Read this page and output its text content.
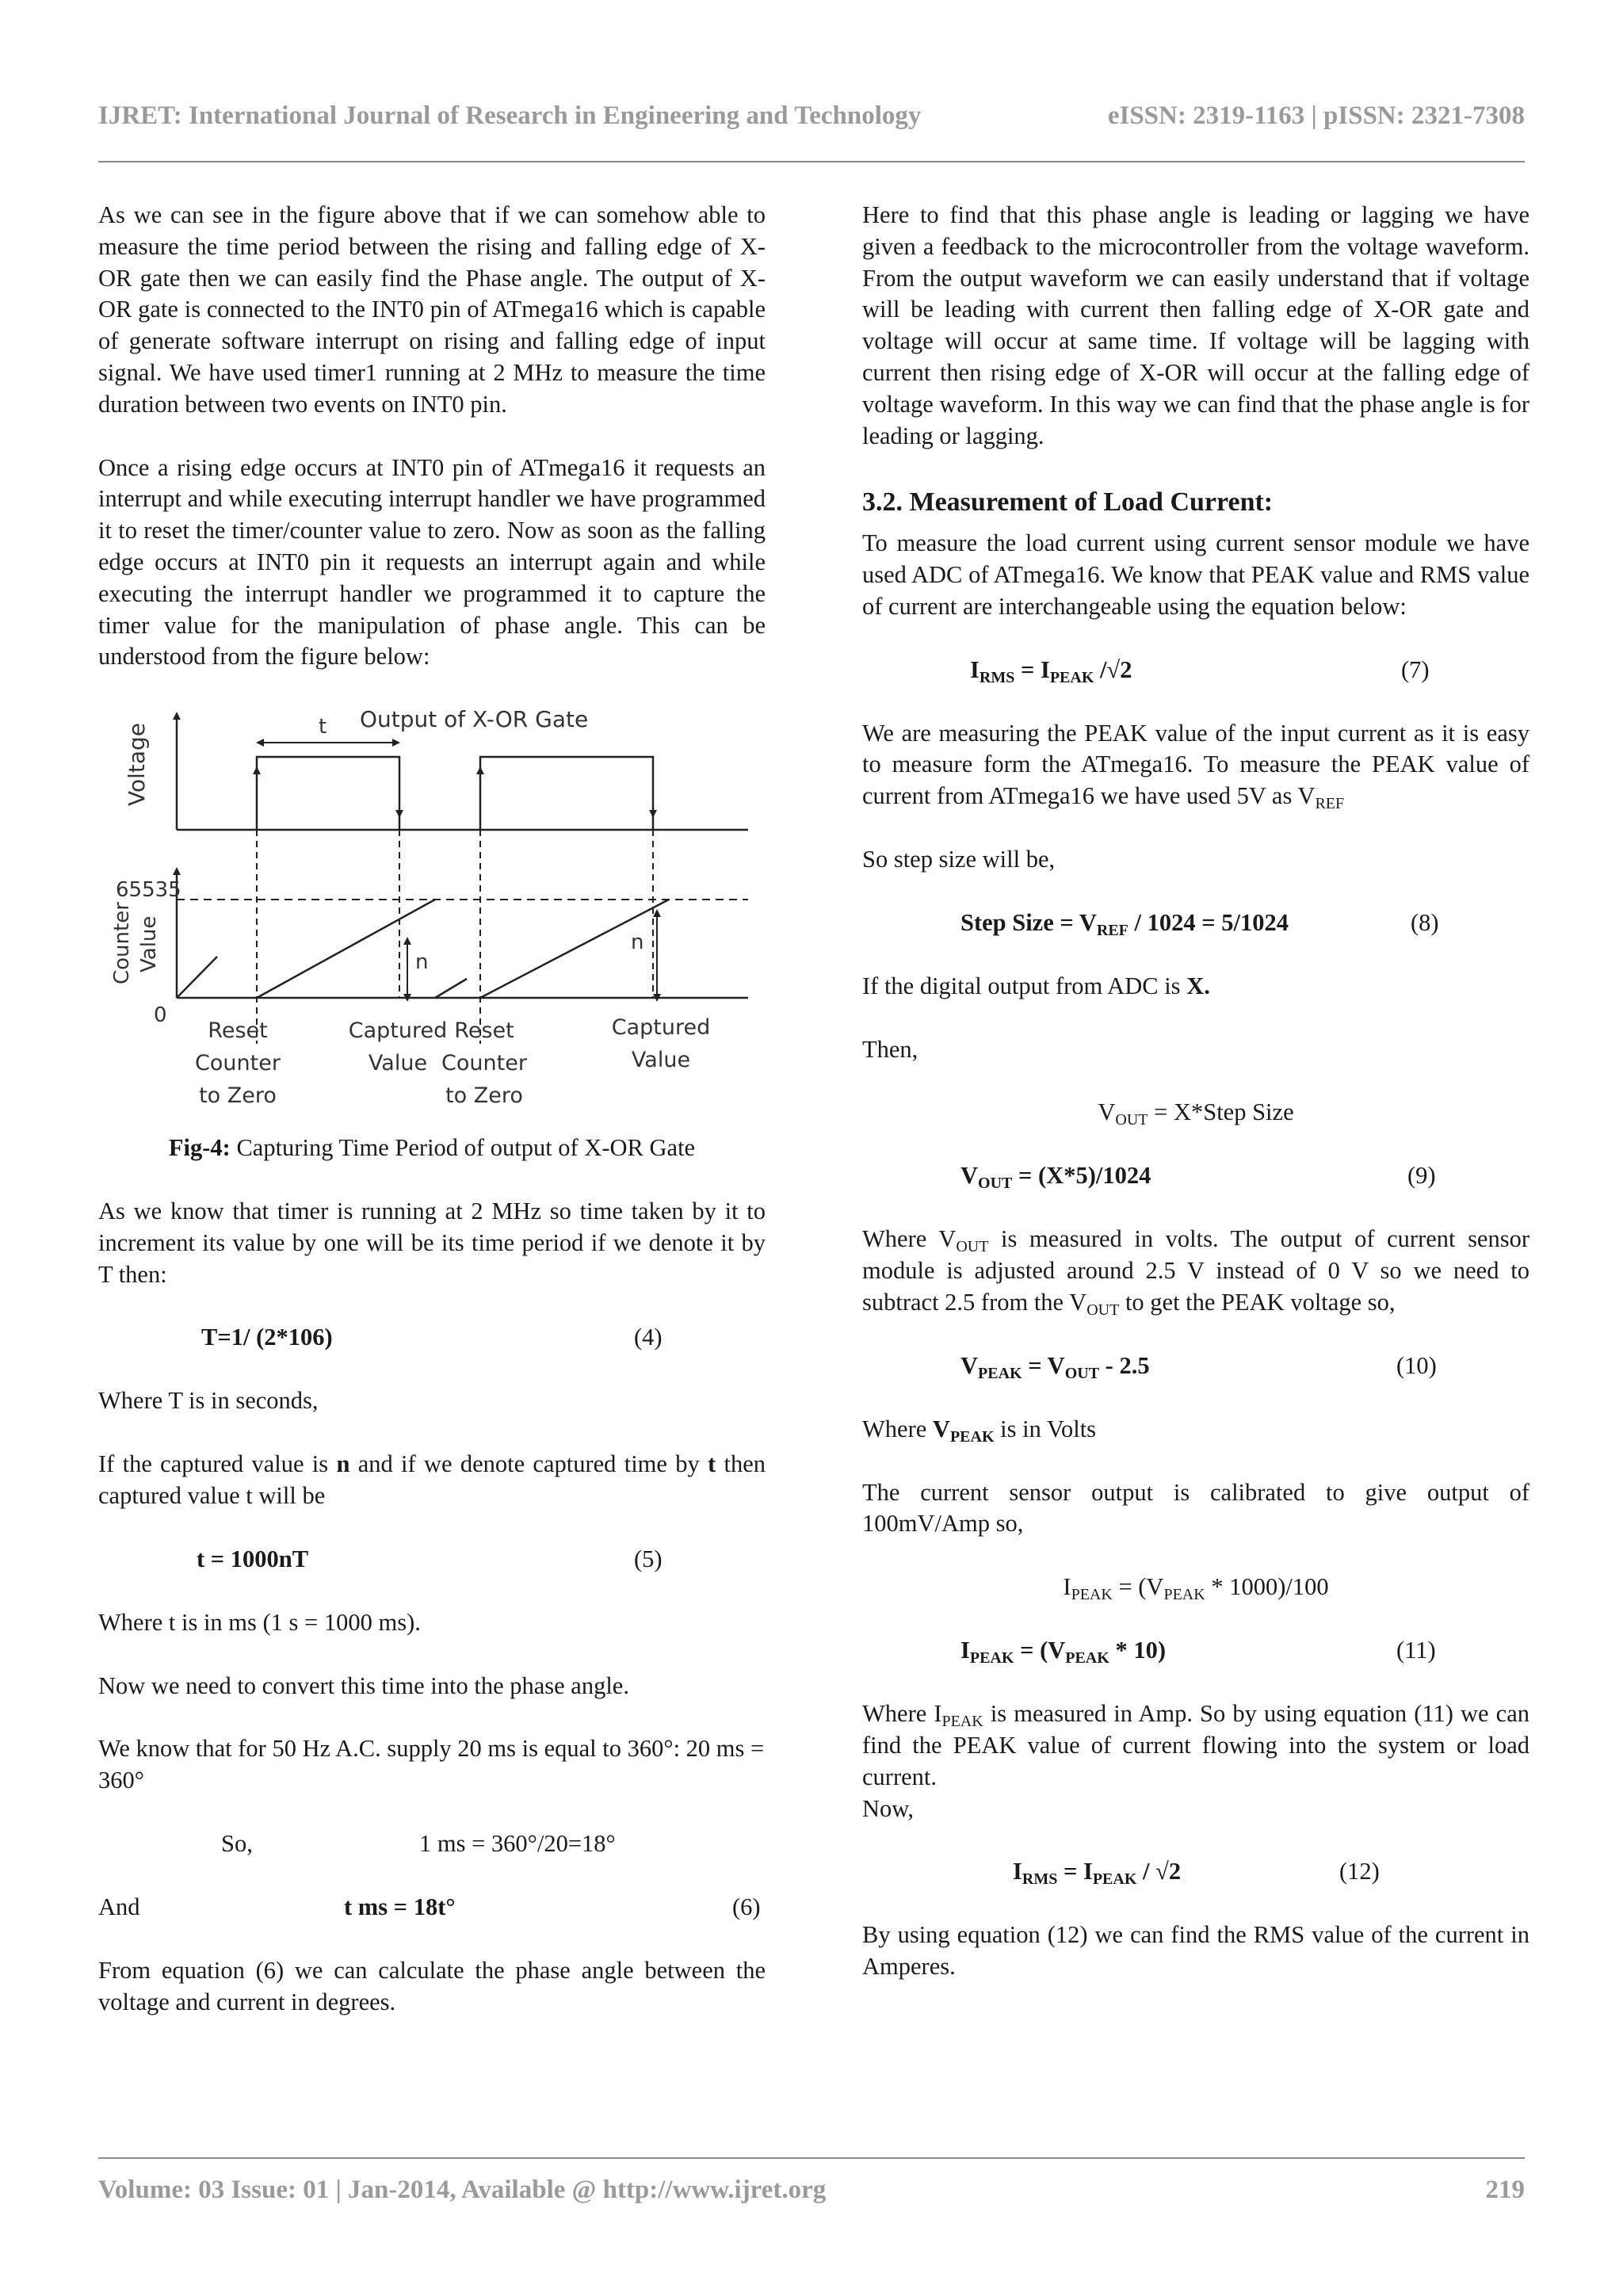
IJRET: International Journal of Research in Engineering and Technology	eISSN: 2319-1163 | pISSN: 2321-7308

As we can see in the figure above that if we can somehow able to measure the time period between the rising and falling edge of X-OR gate then we can easily find the Phase angle. The output of X-OR gate is connected to the INT0 pin of ATmega16 which is capable of generate software interrupt on rising and falling edge of input signal. We have used timer1 running at 2 MHz to measure the time duration between two events on INT0 pin.

Once a rising edge occurs at INT0 pin of ATmega16 it requests an interrupt and while executing interrupt handler we have programmed it to reset the timer/counter value to zero. Now as soon as the falling edge occurs at INT0 pin it requests an interrupt again and while executing the interrupt handler we programmed it to capture the timer value for the manipulation of phase angle. This can be understood from the figure below:

t Output of X-OR Gate
Voltage
65535
0
Counter Value	n
n
Reset
Counter
to Zero
Captured
Value
Reset
Counter
to Zero
Captured
Value

Fig-4: Capturing Time Period of output of X-OR Gate

As we know that timer is running at 2 MHz so time taken by it to increment its value by one will be its time period if we denote it by T then:

T=1/ (2*106)	(4)

Where T is in seconds,

If the captured value is n and if we denote captured time by t then captured value t will be

t = 1000nT	(5)

Where t is in ms (1 s = 1000 ms).

Now we need to convert this time into the phase angle.

We know that for 50 Hz A.C. supply 20 ms is equal to 360°: 20 ms = 360°

So,	1 ms = 360°/20=18°
And	t ms = 18t°	(6)

From equation (6) we can calculate the phase angle between the voltage and current in degrees.

Here to find that this phase angle is leading or lagging we have given a feedback to the microcontroller from the voltage waveform. From the output waveform we can easily understand that if voltage will be leading with current then falling edge of X-OR gate and voltage will occur at same time. If voltage will be lagging with current then rising edge of X-OR will occur at the falling edge of voltage waveform. In this way we can find that the phase angle is for leading or lagging.

3.2. Measurement of Load Current:

To measure the load current using current sensor module we have used ADC of ATmega16. We know that PEAK value and RMS value of current are interchangeable using the equation below:

$I_{RMS} = I_{PEAK}$ /√2	(7)

We are measuring the PEAK value of the input current as it is easy to measure form the ATmega16. To measure the PEAK value of current from ATmega16 we have used 5V as $V_{REF}$

So step size will be,

Step Size = $V_{REF} / 1024 = 5/1024$	(8)

If the digital output from ADC is X.

Then,

$V_{OUT}$ = X*Step Size
$V_{OUT} = (X*5)/1024$	(9)

Where $V_{OUT}$ is measured in volts. The output of current sensor module is adjusted around 2.5 V instead of 0 V so we need to subtract 2.5 from the $V_{OUT}$ to get the PEAK voltage so,

$V_{PEAK} = V_{OUT} - 2.5$	(10)

Where $V_{PEAK}$ is in Volts

The current sensor output is calibrated to give output of 100mV/Amp so,

$I_{PEAK} = (V_{PEAK} * 1000)/100$
$I_{PEAK} = (V_{PEAK} * 10)$	(11)

Where $I_{PEAK}$ is measured in Amp. So by using equation (11) we can find the PEAK value of current flowing into the system or load current.

Now,

$I_{RMS} = I_{PEAK} / √2$	(12)

By using equation (12) we can find the RMS value of the current in Amperes.

Volume: 03 Issue: 01 | Jan-2014, Available @ http://www.ijret.org	219
